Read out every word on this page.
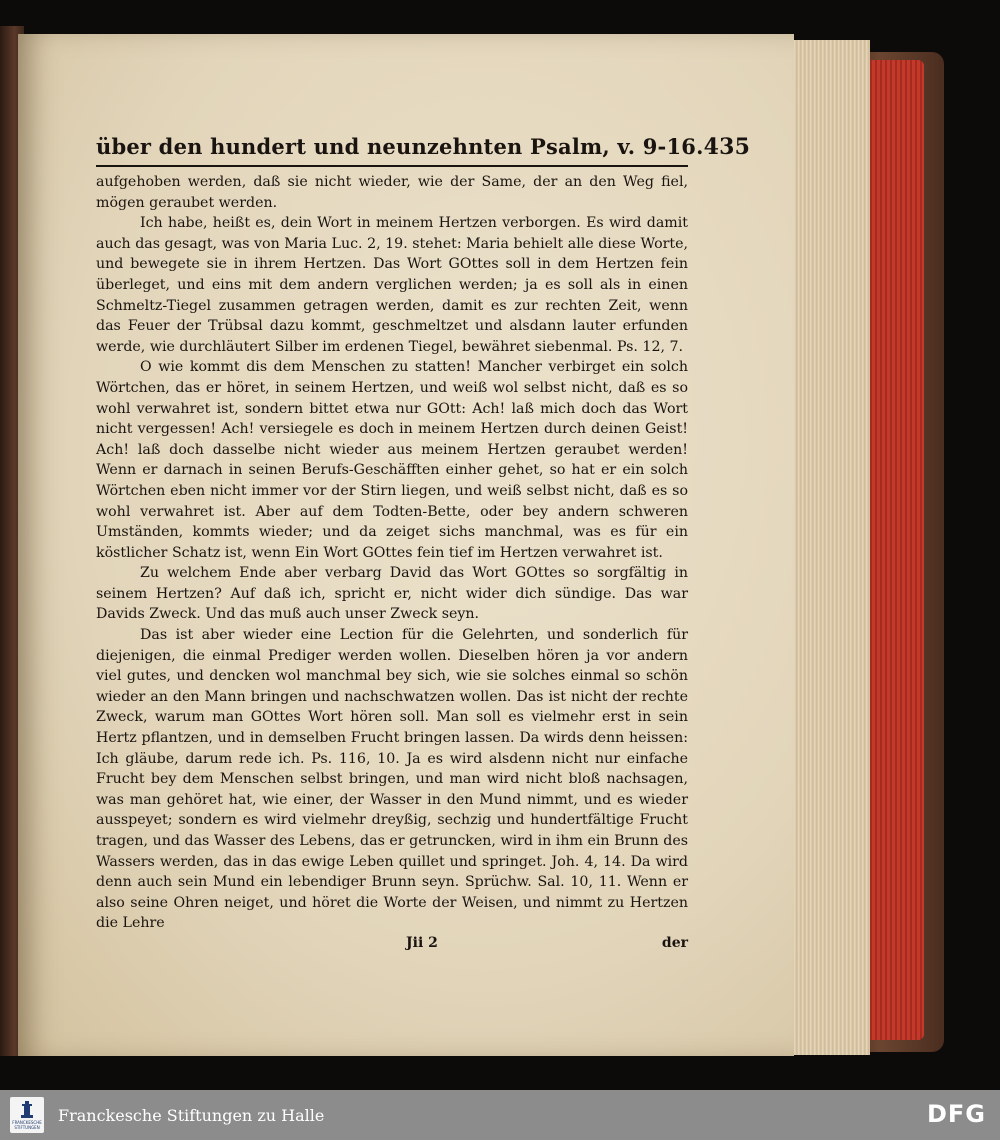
über den hundert und neunzehnten Psalm, v. 9-16. 435

aufgehoben werden, daß sie nicht wieder, wie der Same, der an den Weg fiel, mögen geraubet werden.

Ich habe, heißt es, dein Wort in meinem Hertzen verborgen. Es wird damit auch das gesagt, was von Maria Luc. 2, 19. stehet: Maria behielt alle diese Worte, und bewegete sie in ihrem Hertzen. Das Wort GOttes soll in dem Hertzen fein überleget, und eins mit dem andern verglichen werden; ja es soll als in einen Schmeltz-Tiegel zusammen getragen werden, damit es zur rechten Zeit, wenn das Feuer der Trübsal dazu kommt, geschmeltzet und alsdann lauter erfunden werde, wie durchläutert Silber im erdenen Tiegel, bewähret siebenmal. Ps. 12, 7.

O wie kommt dis dem Menschen zu statten! Mancher verbirget ein solch Wörtchen, das er höret, in seinem Hertzen, und weiß wol selbst nicht, daß es so wohl verwahret ist, sondern bittet etwa nur GOtt: Ach! laß mich doch das Wort nicht vergessen! Ach! versiegele es doch in meinem Hertzen durch deinen Geist! Ach! laß doch dasselbe nicht wieder aus meinem Hertzen geraubet werden! Wenn er darnach in seinen Berufs-Geschäfften einher gehet, so hat er ein solch Wörtchen eben nicht immer vor der Stirn liegen, und weiß selbst nicht, daß es so wohl verwahret ist. Aber auf dem Todten-Bette, oder bey andern schweren Umständen, kommts wieder; und da zeiget sichs manchmal, was es für ein köstlicher Schatz ist, wenn Ein Wort GOttes fein tief im Hertzen verwahret ist.

Zu welchem Ende aber verbarg David das Wort GOttes so sorgfältig in seinem Hertzen? Auf daß ich, spricht er, nicht wider dich sündige. Das war Davids Zweck. Und das muß auch unser Zweck seyn.

Das ist aber wieder eine Lection für die Gelehrten, und sonderlich für diejenigen, die einmal Prediger werden wollen. Dieselben hören ja vor andern viel gutes, und dencken wol manchmal bey sich, wie sie solches einmal so schön wieder an den Mann bringen und nachschwatzen wollen. Das ist nicht der rechte Zweck, warum man GOttes Wort hören soll. Man soll es vielmehr erst in sein Hertz pflantzen, und in demselben Frucht bringen lassen. Da wirds denn heissen: Ich gläube, darum rede ich. Ps. 116, 10. Ja es wird alsdenn nicht nur einfache Frucht bey dem Menschen selbst bringen, und man wird nicht bloß nachsagen, was man gehöret hat, wie einer, der Wasser in den Mund nimmt, und es wieder ausspeyet; sondern es wird vielmehr dreyßig, sechzig und hundertfältige Frucht tragen, und das Wasser des Lebens, das er getruncken, wird in ihm ein Brunn des Wassers werden, das in das ewige Leben quillet und springet. Joh. 4, 14. Da wird denn auch sein Mund ein lebendiger Brunn seyn. Sprüchw. Sal. 10, 11. Wenn er also seine Ohren neiget, und höret die Worte der Weisen, und nimmt zu Hertzen die Lehre

Jii 2	der
FRANCKESCHE STIFTUNGEN
Franckesche Stiftungen zu Halle	DFG
